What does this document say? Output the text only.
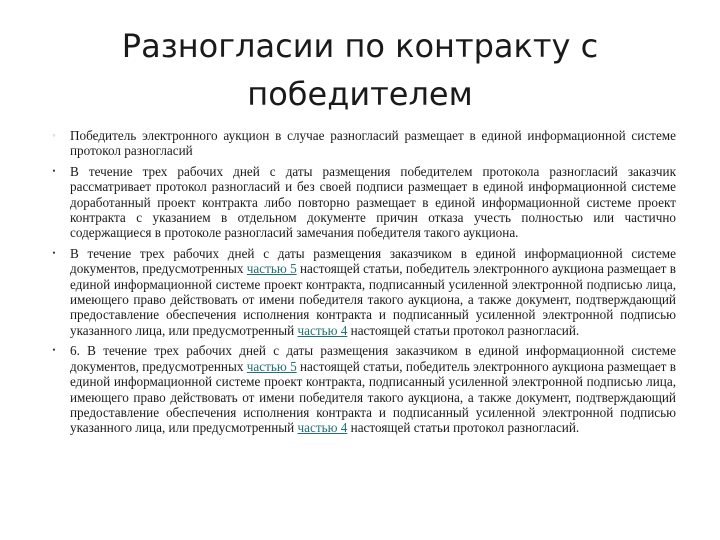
Разногласии по контракту с победителем
◦	Победитель электронного аукцион в случае разногласий размещает в единой информационной системе протокол разногласий
•	В течение трех рабочих дней с даты размещения победителем протокола разногласий заказчик рассматривает протокол разногласий и без своей подписи размещает в единой информационной системе доработанный проект контракта либо повторно размещает в единой информационной системе проект контракта с указанием в отдельном документе причин отказа учесть полностью или частично содержащиеся в протоколе разногласий замечания победителя такого аукциона.
•	В течение трех рабочих дней с даты размещения заказчиком в единой информационной системе документов, предусмотренных частью 5 настоящей статьи, победитель электронного аукциона размещает в единой информационной системе проект контракта, подписанный усиленной электронной подписью лица, имеющего право действовать от имени победителя такого аукциона, а также документ, подтверждающий предоставление обеспечения исполнения контракта и подписанный усиленной электронной подписью указанного лица, или предусмотренный частью 4 настоящей статьи протокол разногласий.
•	6. В течение трех рабочих дней с даты размещения заказчиком в единой информационной системе документов, предусмотренных частью 5 настоящей статьи, победитель электронного аукциона размещает в единой информационной системе проект контракта, подписанный усиленной электронной подписью лица, имеющего право действовать от имени победителя такого аукциона, а также документ, подтверждающий предоставление обеспечения исполнения контракта и подписанный усиленной электронной подписью указанного лица, или предусмотренный частью 4 настоящей статьи протокол разногласий.
